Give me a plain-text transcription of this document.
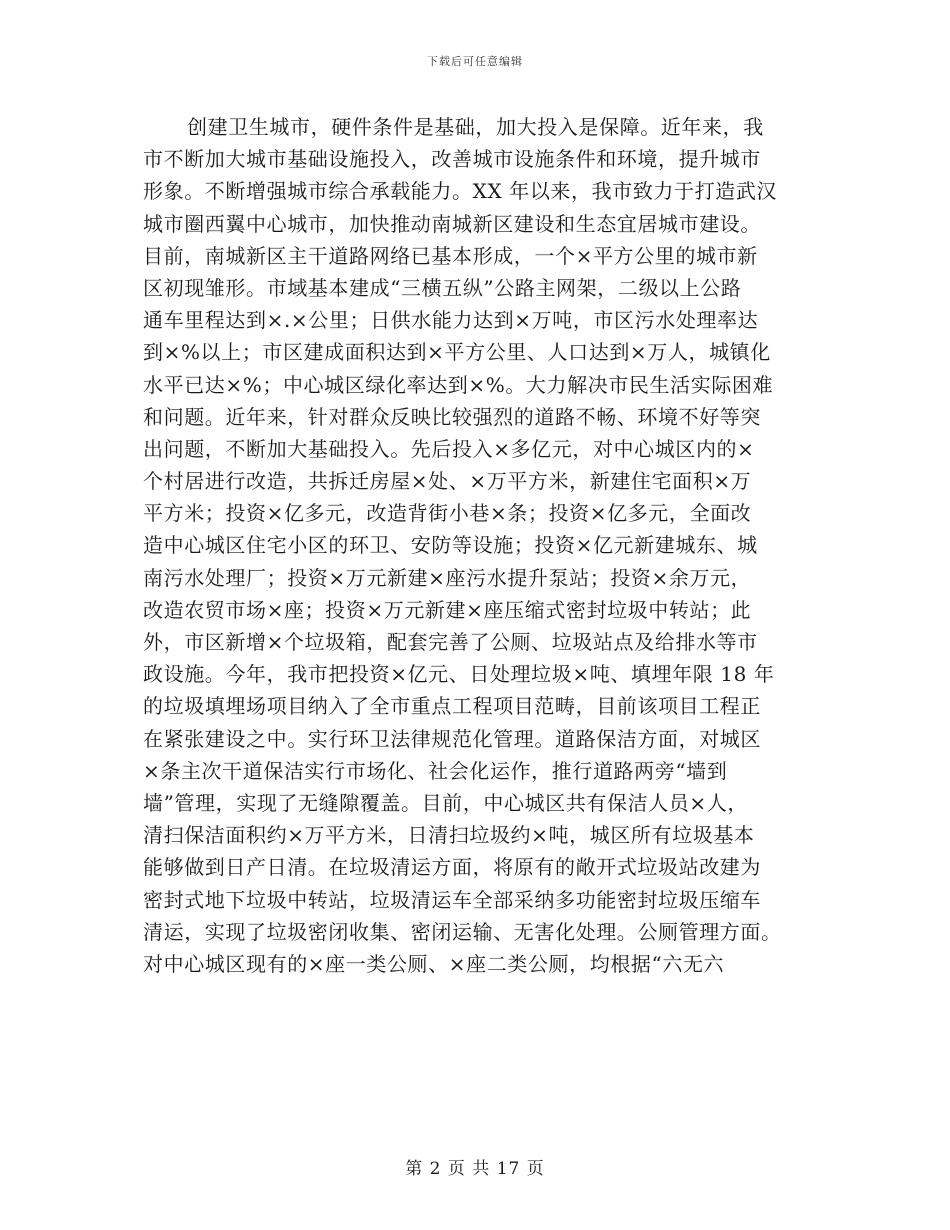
下载后可任意编辑
创建卫生城市，硬件条件是基础，加大投入是保障。近年来，我
市不断加大城市基础设施投入，改善城市设施条件和环境，提升城市
形象。不断增强城市综合承载能力。XX 年以来，我市致力于打造武汉
城市圈西翼中心城市，加快推动南城新区建设和生态宜居城市建设。
目前，南城新区主干道路网络已基本形成，一个×平方公里的城市新
区初现雏形。市域基本建成“三横五纵”公路主网架，二级以上公路
通车里程达到×.×公里；日供水能力达到×万吨，市区污水处理率达
到×%以上；市区建成面积达到×平方公里、人口达到×万人，城镇化
水平已达×%；中心城区绿化率达到×%。大力解决市民生活实际困难
和问题。近年来，针对群众反映比较强烈的道路不畅、环境不好等突
出问题，不断加大基础投入。先后投入×多亿元，对中心城区内的×
个村居进行改造，共拆迁房屋×处、×万平方米，新建住宅面积×万
平方米；投资×亿多元，改造背街小巷×条；投资×亿多元，全面改
造中心城区住宅小区的环卫、安防等设施；投资×亿元新建城东、城
南污水处理厂；投资×万元新建×座污水提升泵站；投资×余万元，
改造农贸市场×座；投资×万元新建×座压缩式密封垃圾中转站；此
外，市区新增×个垃圾箱，配套完善了公厕、垃圾站点及给排水等市
政设施。今年，我市把投资×亿元、日处理垃圾×吨、填埋年限 18 年
的垃圾填埋场项目纳入了全市重点工程项目范畴，目前该项目工程正
在紧张建设之中。实行环卫法律规范化管理。道路保洁方面，对城区
×条主次干道保洁实行市场化、社会化运作，推行道路两旁“墙到
墙”管理，实现了无缝隙覆盖。目前，中心城区共有保洁人员×人，
清扫保洁面积约×万平方米，日清扫垃圾约×吨，城区所有垃圾基本
能够做到日产日清。在垃圾清运方面，将原有的敞开式垃圾站改建为
密封式地下垃圾中转站，垃圾清运车全部采纳多功能密封垃圾压缩车
清运，实现了垃圾密闭收集、密闭运输、无害化处理。公厕管理方面。
对中心城区现有的×座一类公厕、×座二类公厕，均根据“六无六
第 2 页 共 17 页
